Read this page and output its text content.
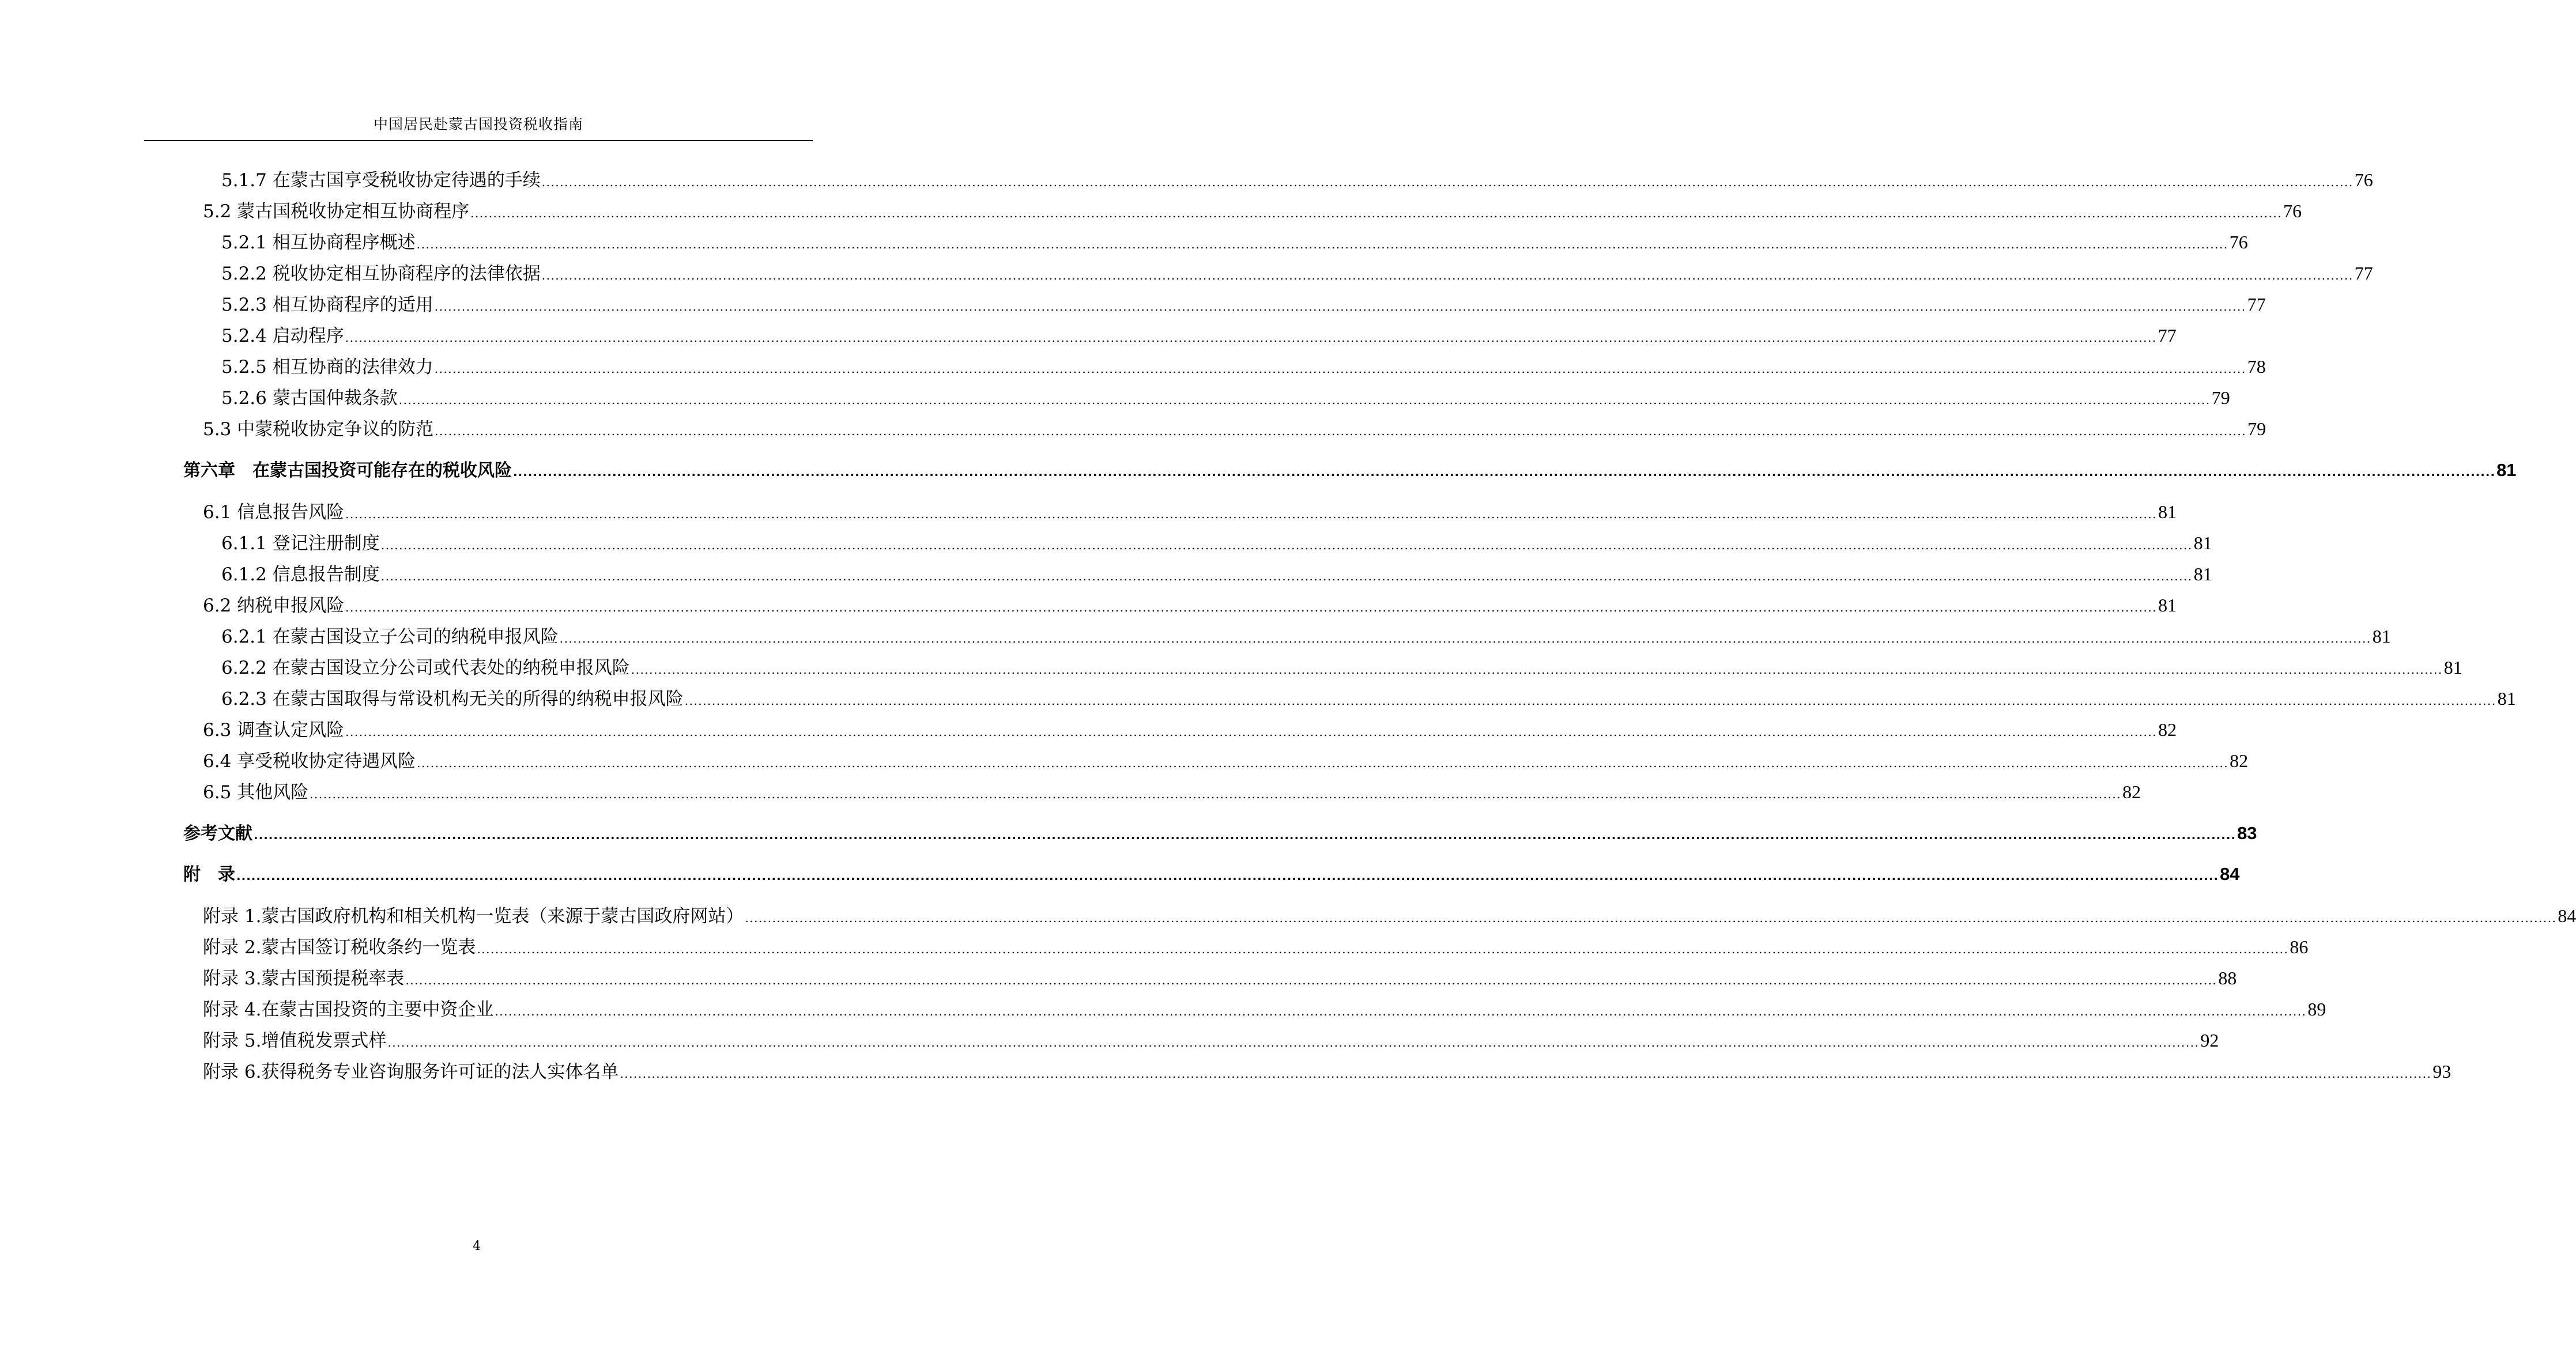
中国居民赴蒙古国投资税收指南
5.1.7 在蒙古国享受税收协定待遇的手续 ................................................................................................................................................................................................................................................................................................................................................................................................................ 76
5.2 蒙古国税收协定相互协商程序 ................................................................................................................................................................................................................................................................................................................................................................................................................ 76
5.2.1 相互协商程序概述 ................................................................................................................................................................................................................................................................................................................................................................................................................ 76
5.2.2 税收协定相互协商程序的法律依据 ................................................................................................................................................................................................................................................................................................................................................................................................................ 77
5.2.3 相互协商程序的适用 ................................................................................................................................................................................................................................................................................................................................................................................................................ 77
5.2.4 启动程序 ................................................................................................................................................................................................................................................................................................................................................................................................................ 77
5.2.5 相互协商的法律效力 ................................................................................................................................................................................................................................................................................................................................................................................................................ 78
5.2.6 蒙古国仲裁条款 ................................................................................................................................................................................................................................................................................................................................................................................................................ 79
5.3 中蒙税收协定争议的防范 ................................................................................................................................................................................................................................................................................................................................................................................................................ 79
第六章　在蒙古国投资可能存在的税收风险 ................................................................................................................................................................................................................................................................................................................................................................................................................ 81
6.1 信息报告风险 ................................................................................................................................................................................................................................................................................................................................................................................................................ 81
6.1.1 登记注册制度 ................................................................................................................................................................................................................................................................................................................................................................................................................ 81
6.1.2 信息报告制度 ................................................................................................................................................................................................................................................................................................................................................................................................................ 81
6.2 纳税申报风险 ................................................................................................................................................................................................................................................................................................................................................................................................................ 81
6.2.1 在蒙古国设立子公司的纳税申报风险 ................................................................................................................................................................................................................................................................................................................................................................................................................ 81
6.2.2 在蒙古国设立分公司或代表处的纳税申报风险 ................................................................................................................................................................................................................................................................................................................................................................................................................ 81
6.2.3 在蒙古国取得与常设机构无关的所得的纳税申报风险 ................................................................................................................................................................................................................................................................................................................................................................................................................ 81
6.3 调查认定风险 ................................................................................................................................................................................................................................................................................................................................................................................................................ 82
6.4 享受税收协定待遇风险 ................................................................................................................................................................................................................................................................................................................................................................................................................ 82
6.5 其他风险 ................................................................................................................................................................................................................................................................................................................................................................................................................ 82
参考文献 ................................................................................................................................................................................................................................................................................................................................................................................................................ 83
附　录 ................................................................................................................................................................................................................................................................................................................................................................................................................ 84
附录 1.蒙古国政府机构和相关机构一览表（来源于蒙古国政府网站） ................................................................................................................................................................................................................................................................................................................................................................................................................ 84
附录 2.蒙古国签订税收条约一览表 ................................................................................................................................................................................................................................................................................................................................................................................................................ 86
附录 3.蒙古国预提税率表 ................................................................................................................................................................................................................................................................................................................................................................................................................ 88
附录 4.在蒙古国投资的主要中资企业 ................................................................................................................................................................................................................................................................................................................................................................................................................ 89
附录 5.增值税发票式样 ................................................................................................................................................................................................................................................................................................................................................................................................................ 92
附录 6.获得税务专业咨询服务许可证的法人实体名单 ................................................................................................................................................................................................................................................................................................................................................................................................................ 93
4
